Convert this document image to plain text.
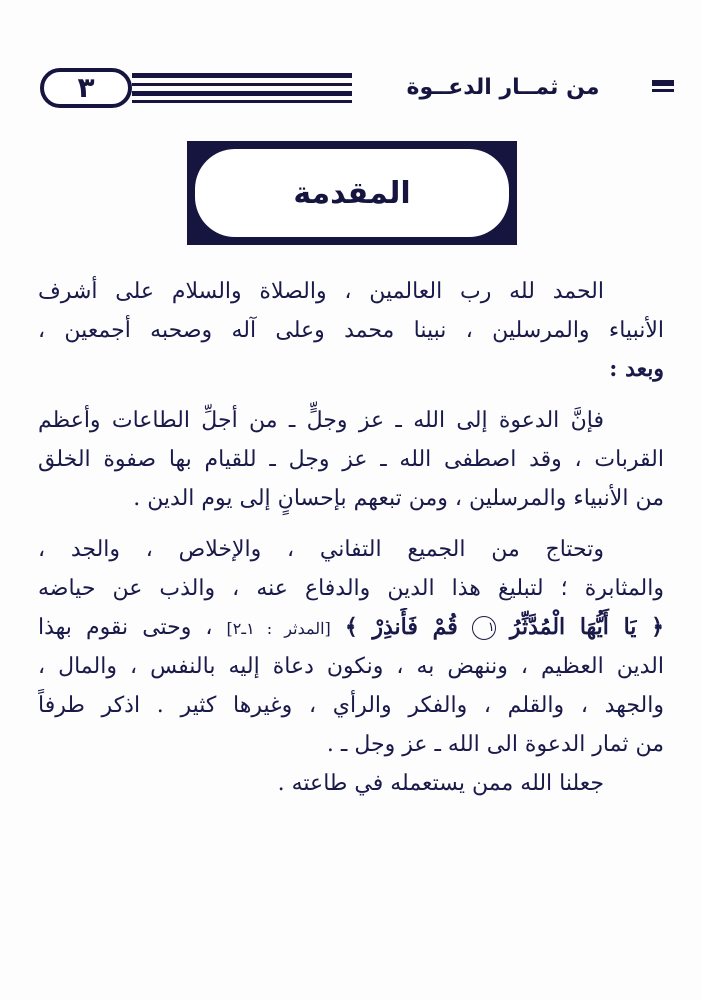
٣	من ثمــار الدعــوة
المقدمة
الحمد لله رب العالمين ، والصلاة والسلام على أشرف
الأنبياء والمرسلين ، نبينا محمد وعلى آله وصحبه أجمعين ،
وبعد :
فإنَّ الدعوة إلى الله ـ عز وجلٍّ ـ من أجلِّ الطاعات وأعظم
القربات ، وقد اصطفى الله ـ عز وجل ـ للقيام بها صفوة الخلق
من الأنبياء والمرسلين ، ومن تبعهم بإحسانٍ إلى يوم الدين .
وتحتاج من الجميع التفاني ، والإخلاص ، والجد ،
والمثابرة ؛ لتبليغ هذا الدين والدفاع عنه ، والذب عن حياضه
﴿ يَا أَيُّهَا الْمُدَّثِّرُ ١ قُمْ فَأَنذِرْ ﴾ [المدثر : ١ـ٢] ، وحتى نقوم بهذا
الدين العظيم ، وننهض به ، ونكون دعاة إليه بالنفس ، والمال ،
والجهد ، والقلم ، والفكر والرأي ، وغيرها كثير . اذكر طرفاً
من ثمار الدعوة الى الله ـ عز وجل ـ .
جعلنا الله ممن يستعمله في طاعته .
